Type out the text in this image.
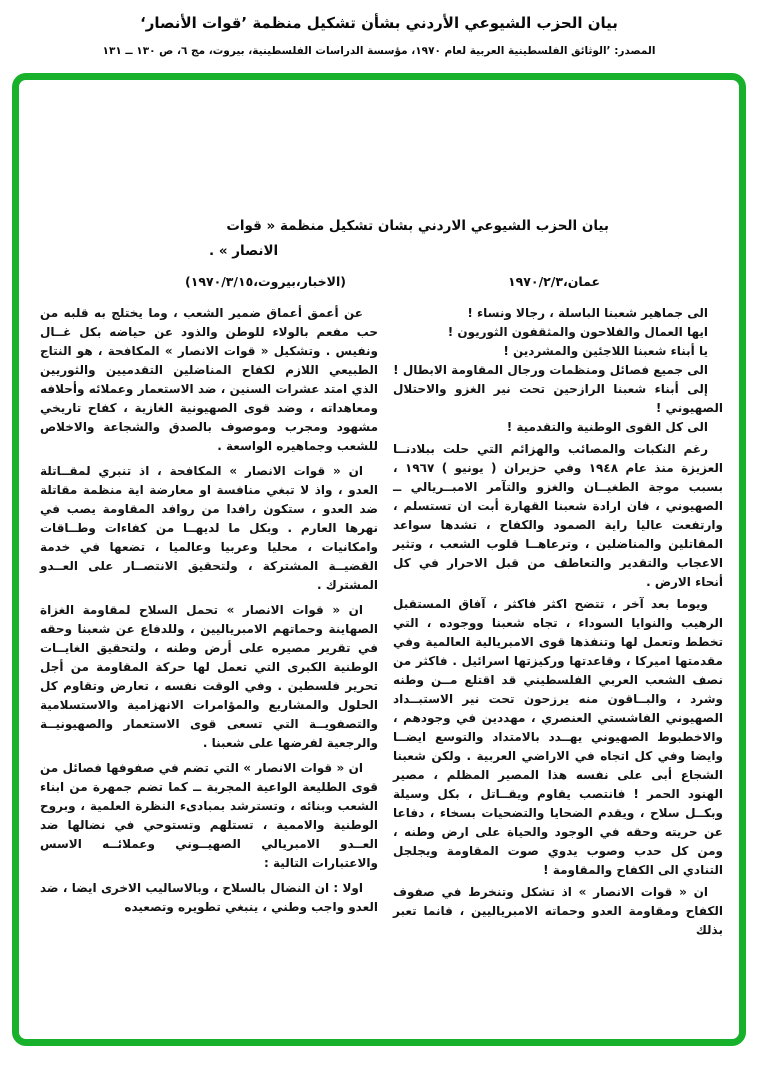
بيان الحزب الشيوعي الأردني بشأن تشكيل منظمة ’قوات الأنصار‘
المصدر: ’الوثائق الفلسطينية العربية لعام ١٩٧٠، مؤسسة الدراسات الفلسطينية، بيروت، مج ٦، ص ١٣٠ ــ ١٣١
بيان الحزب الشيوعي الاردني بشان تشكيل منظمة « قوات
الانصار » .
عمان،١٩٧٠/٢/٣
(الاخبار،بيروت،١٩٧٠/٣/١٥)

الى جماهير شعبنا الباسلة ، رجالا ونساء !

ايها العمال والفلاحون والمثقفون الثوريون !

يا أبناء شعبنا اللاجئين والمشردين !

الى جميع فصائل ومنظمات ورجال المقاومة الابطال !

إلى أبناء شعبنا الرازحين تحت نير الغزو والاحتلال الصهيوني !

الى كل القوى الوطنية والتقدمية !

رغم النكبات والمصائب والهزائم التي حلت ببلادنــا العزيزة منذ عام ١٩٤٨ وفي حزيران ( يونيو ) ١٩٦٧ ، بسبب موجة الطغيــان والغزو والتآمر الامبــريالي ــ الصهيوني ، فان ارادة شعبنا القهارة أبت ان تستسلم ، وارتفعت عاليا راية الصمود والكفاح ، تشدها سواعد المقاتلين والمناضلين ، وترعاهــا قلوب الشعب ، وتثير الاعجاب والتقدير والتعاطف من قبل الاحرار في كل أنحاء الارض .

ويوما بعد آخر ، تتضح اكثر فاكثر ، آفاق المستقبل الرهيب والنوايا السوداء ، تجاه شعبنا ووجوده ، التي تخطط وتعمل لها وتنفذها قوى الامبريالية العالمية وفي مقدمتها اميركا ، وقاعدتها وركيزتها اسرائيل . فاكثر من نصف الشعب العربي الفلسطيني قد اقتلع مــن وطنه وشرد ، والبــاقون منه يرزحون تحت نير الاستبــداد الصهيوني الفاشستي العنصري ، مهددين في وجودهم ، والاخطبوط الصهيوني يهــدد بالامتداد والتوسع ايضــا وايضا وفي كل اتجاه في الاراضي العربية . ولكن شعبنا الشجاع أبى على نفسه هذا المصير المظلم ، مصير الهنود الحمر ! فانتصب يقاوم ويقــاتل ، بكل وسيلة وبكــل سلاح ، ويقدم الضحايا والتضحيات بسخاء ، دفاعا عن حريته وحقه في الوجود والحياة على ارض وطنه ، ومن كل حدب وصوب يدوي صوت المقاومة ويجلجل التنادي الى الكفاح والمقاومة !

ان « قوات الانصار » اذ تشكل وتنخرط في صفوف الكفاح ومقاومة العدو وحماته الامبرياليين ، فانما تعبر بذلك

عن أعمق أعماق ضمير الشعب ، وما يختلج به قلبه من حب مفعم بالولاء للوطن والذود عن حياضه بكل غــال ونفيس . وتشكيل « قوات الانصار » المكافحة ، هو النتاج الطبيعي اللازم لكفاح المناضلين التقدميين والثوريين الذي امتد عشرات السنين ، ضد الاستعمار وعملائه وأحلافه ومعاهداته ، وضد قوى الصهيونية الغازية ، كفاح تاريخي مشهود ومجرب وموصوف بالصدق والشجاعة والاخلاص للشعب وجماهيره الواسعة .

ان « قوات الانصار » المكافحة ، اذ تنبري لمقــاتلة العدو ، واذ لا تبغي منافسة او معارضة اية منظمة مقاتلة ضد العدو ، ستكون رافدا من روافد المقاومة يصب في نهرها العارم . وبكل ما لديهــا من كفاءات وطــاقات وامكانيات ، محليا وعربيا وعالميا ، تضعها في خدمة القضيــة المشتركة ، ولتحقيق الانتصــار على العــدو المشترك .

ان « قوات الانصار » تحمل السلاح لمقاومة الغزاة الصهاينة وحماتهم الامبرياليين ، وللدفاع عن شعبنا وحقه في تقرير مصيره على أرض وطنه ، ولتحقيق الغايــات الوطنية الكبرى التي تعمل لها حركة المقاومة من أجل تحرير فلسطين . وفي الوقت نفسه ، تعارض وتقاوم كل الحلول والمشاريع والمؤامرات الانهزامية والاستسلامية والتصفويــة التي تسعى قوى الاستعمار والصهيونيــة والرجعية لفرضها على شعبنا .

ان « قوات الانصار » التي تضم في صفوفها فصائل من قوى الطليعة الواعية المجربة ــ كما تضم جمهرة من ابناء الشعب وبنائه ، وتسترشد بمبادىء النظرة العلمية ، وبروح الوطنية والاممية ، تستلهم وتستوحي في نضالها ضد العــدو الامبريالي الصهيــوني وعملائــه الاسس والاعتبارات التالية :

اولا : ان النضال بالسلاح ، وبالاساليب الاخرى ايضا ، ضد العدو واجب وطني ، ينبغي تطويره وتصعيده
